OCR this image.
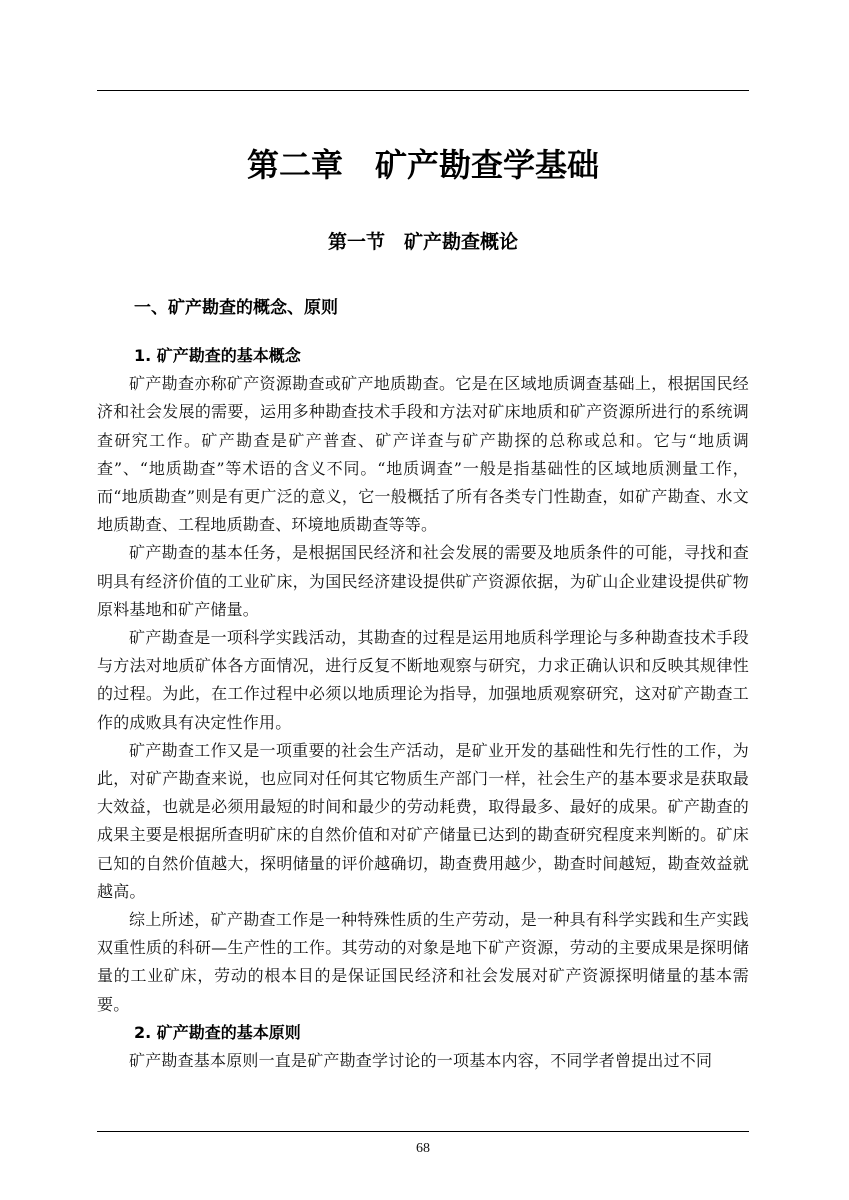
第二章　矿产勘查学基础
第一节　矿产勘查概论
一、矿产勘查的概念、原则
1. 矿产勘查的基本概念

矿产勘查亦称矿产资源勘查或矿产地质勘查。它是在区域地质调查基础上，根据国民经济和社会发展的需要，运用多种勘查技术手段和方法对矿床地质和矿产资源所进行的系统调查研究工作。矿产勘查是矿产普查、矿产详查与矿产勘探的总称或总和。它与“地质调查”、“地质勘查”等术语的含义不同。“地质调查”一般是指基础性的区域地质测量工作，而“地质勘查”则是有更广泛的意义，它一般概括了所有各类专门性勘查，如矿产勘查、水文地质勘查、工程地质勘查、环境地质勘查等等。

矿产勘查的基本任务，是根据国民经济和社会发展的需要及地质条件的可能，寻找和查明具有经济价值的工业矿床，为国民经济建设提供矿产资源依据，为矿山企业建设提供矿物原料基地和矿产储量。

矿产勘查是一项科学实践活动，其勘查的过程是运用地质科学理论与多种勘查技术手段与方法对地质矿体各方面情况，进行反复不断地观察与研究，力求正确认识和反映其规律性的过程。为此，在工作过程中必须以地质理论为指导，加强地质观察研究，这对矿产勘查工作的成败具有决定性作用。

矿产勘查工作又是一项重要的社会生产活动，是矿业开发的基础性和先行性的工作，为此，对矿产勘查来说，也应同对任何其它物质生产部门一样，社会生产的基本要求是获取最大效益，也就是必须用最短的时间和最少的劳动耗费，取得最多、最好的成果。矿产勘查的成果主要是根据所查明矿床的自然价值和对矿产储量已达到的勘查研究程度来判断的。矿床已知的自然价值越大，探明储量的评价越确切，勘查费用越少，勘查时间越短，勘查效益就越高。

综上所述，矿产勘查工作是一种特殊性质的生产劳动，是一种具有科学实践和生产实践双重性质的科研—生产性的工作。其劳动的对象是地下矿产资源，劳动的主要成果是探明储量的工业矿床，劳动的根本目的是保证国民经济和社会发展对矿产资源探明储量的基本需要。

2. 矿产勘查的基本原则

矿产勘查基本原则一直是矿产勘查学讨论的一项基本内容，不同学者曾提出过不同

68
